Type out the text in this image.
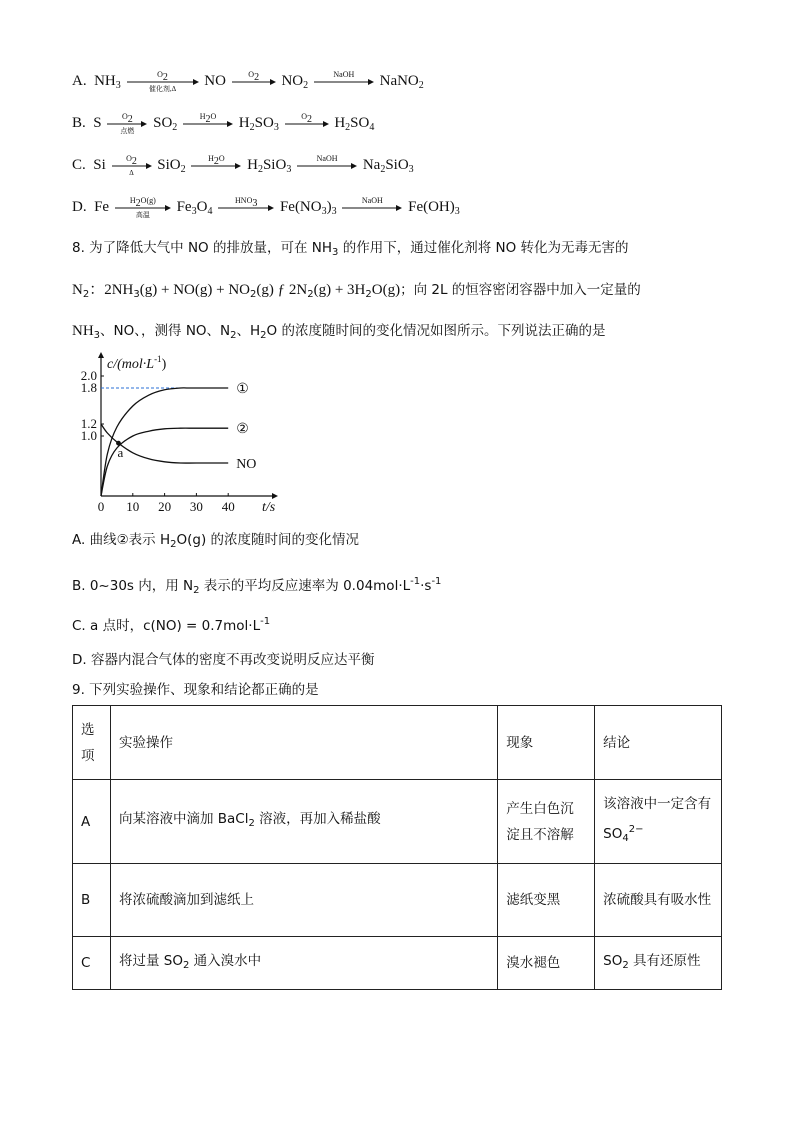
A. $NH_3$
$O_2$
催化剂,Δ
NO	$O_2$	$NO_2$
NaOH	NaNO$_2$
B. S	$O_2$
点燃
$SO_2$
$H_2O$	$H_2SO_3$
$O_2$	$H_2SO_4$
C. Si	$O_2$
Δ
SiO$_2$
$H_2O$	$H_2SiO_3$
NaOH	$Na_2SiO_3$
D. Fe	$H_2O(g)$
高温
$Fe_3O_4$
$HNO_3$	$Fe(NO_3)_3$
NaOH	$Fe(OH)_3$
8. 为了降低大气中 NO 的排放量，可在 $NH_3$ 的作用下，通过催化剂将 NO 转化为无毒无害的
$N_2$：$2NH_3(g) + NO(g) + NO_2(g)$ ƒ $2N_2(g) + 3H_2O(g)$；向 2L 的恒容密闭容器中加入一定量的
$NH_3$、NO、，测得 NO、$N_2$、$H_2O$ 的浓度随时间的变化情况如图所示。下列说法正确的是
0 10 20 30 40
1.0
1.2
1.8
2.0
①
②
NO
a
$c/(mol\cdot L^{-1})$
t/s
A. 曲线②表示 $H_2O(g)$ 的浓度随时间的变化情况
B. 0~30s 内，用 $N_2$ 表示的平均反应速率为 $0.04mol\cdot L^{-1}\cdot s^{-1}$
C. a 点时，$c(NO) = 0.7mol\cdot L^{-1}$
D. 容器内混合气体的密度不再改变说明反应达平衡
9. 下列实验操作、现象和结论都正确的是
选项	实验操作	现象	结论
A	向某溶液中滴加 BaCl$_2$ 溶液，再加入稀盐酸	产生白色沉淀且不溶解	该溶液中一定含有 $SO_4^{2-}$
B	将浓硫酸滴加到滤纸上	滤纸变黑	浓硫酸具有吸水性
C	将过量 $SO_2$ 通入溴水中	溴水褪色	$SO_2$ 具有还原性
